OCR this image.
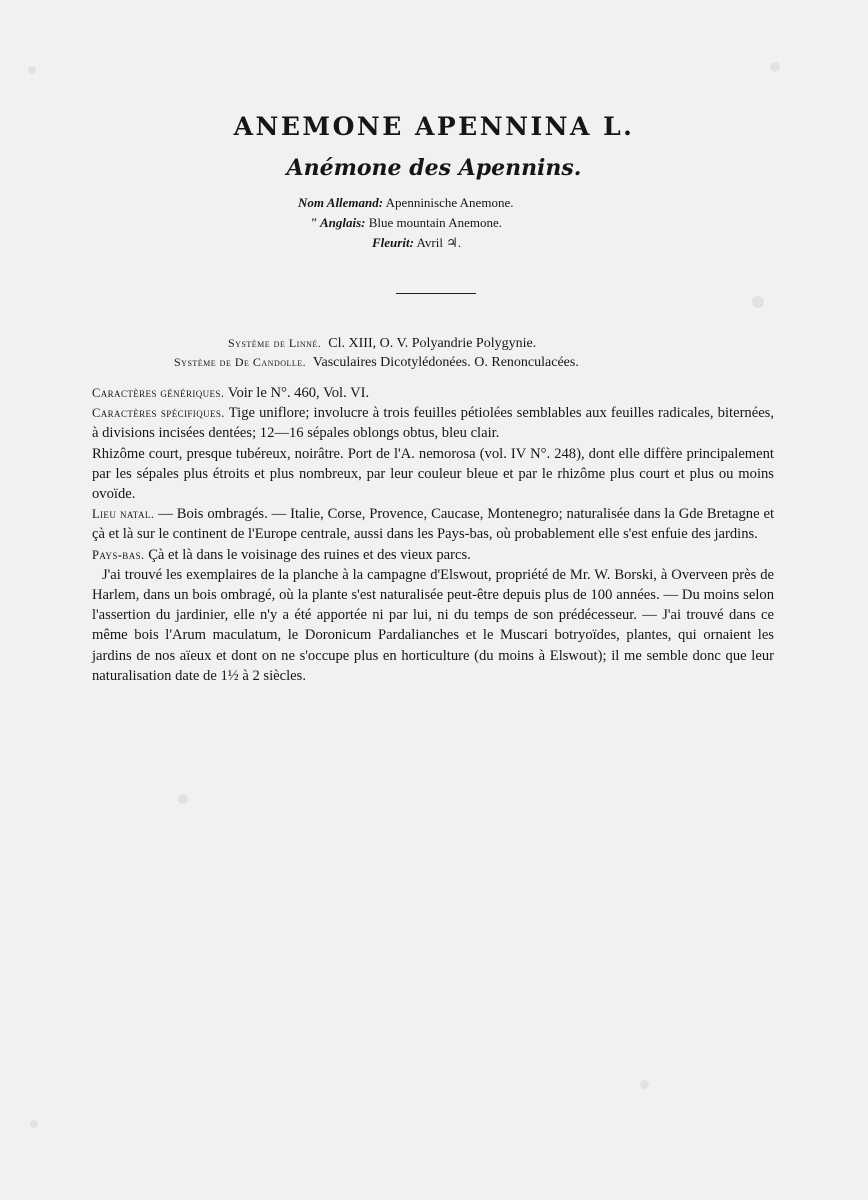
ANEMONE APENNINA L.
Anémone des Apennins.
Nom Allemand: Apenninische Anemone.
" Anglais: Blue mountain Anemone.
Fleurit: Avril ♃.
Système de Linné. Cl. XIII, O. V. Polyandrie Polygynie.
Système de De Candolle. Vasculaires Dicotylédonées. O. Renonculacées.

Caractères génériques. Voir le N°. 460, Vol. VI.

Caractères spécifiques. Tige uniflore; involucre à trois feuilles pétiolées semblables aux feuilles radicales, biternées, à divisions incisées dentées; 12—16 sépales oblongs obtus, bleu clair.

Rhizôme court, presque tubéreux, noirâtre. Port de l'A. nemorosa (vol. IV N°. 248), dont elle diffère principalement par les sépales plus étroits et plus nombreux, par leur couleur bleue et par le rhizôme plus court et plus ou moins ovoïde.

Lieu natal. — Bois ombragés. — Italie, Corse, Provence, Caucase, Montenegro; naturalisée dans la Gde Bretagne et çà et là sur le continent de l'Europe centrale, aussi dans les Pays-bas, où probablement elle s'est enfuie des jardins.

Pays-bas. Çà et là dans le voisinage des ruines et des vieux parcs.

J'ai trouvé les exemplaires de la planche à la campagne d'Elswout, propriété de Mr. W. Borski, à Overveen près de Harlem, dans un bois ombragé, où la plante s'est naturalisée peut-être depuis plus de 100 années. — Du moins selon l'assertion du jardinier, elle n'y a été apportée ni par lui, ni du temps de son prédécesseur. — J'ai trouvé dans ce même bois l'Arum maculatum, le Doronicum Pardalianches et le Muscari botryoïdes, plantes, qui ornaient les jardins de nos aïeux et dont on ne s'occupe plus en horticulture (du moins à Elswout); il me semble donc que leur naturalisation date de 1½ à 2 siècles.
